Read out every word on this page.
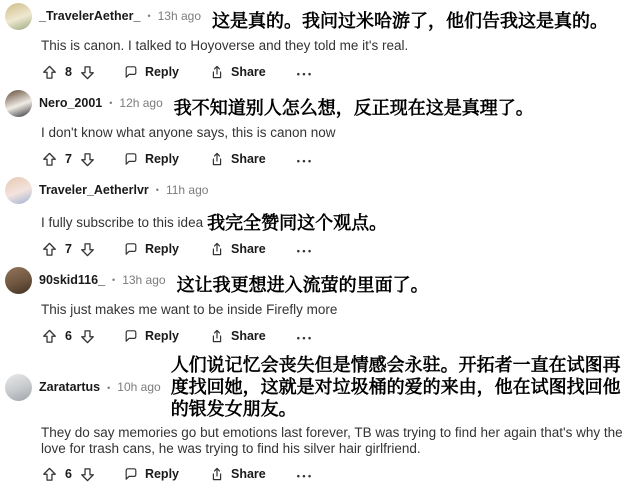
_TravelerAether_ • 13h ago 这是真的。我问过米哈游了，他们告我这是真的。

This is canon. I talked to Hoyoverse and they told me it's real.

8	Reply	Share
•••
Nero_2001 • 12h ago 我不知道别人怎么想，反正现在这是真理了。

I don't know what anyone says, this is canon now

7	Reply	Share
•••
Traveler_Aetherlvr • 11h ago

I fully subscribe to this idea 我完全赞同这个观点。

7	Reply	Share
•••
90skid116_ • 13h ago 这让我更想进入流萤的里面了。

This just makes me want to be inside Firefly more

6	Reply	Share
•••
Zaratartus • 10h ago
人们说记忆会丧失但是情感会永驻。开拓者一直在试图再度找回她，这就是对垃圾桶的爱的来由，他在试图找回他的银发女朋友。

They do say memories go but emotions last forever, TB was trying to find her again that's why the love for trash cans, he was trying to find his silver hair girlfriend.

6	Reply	Share
•••
